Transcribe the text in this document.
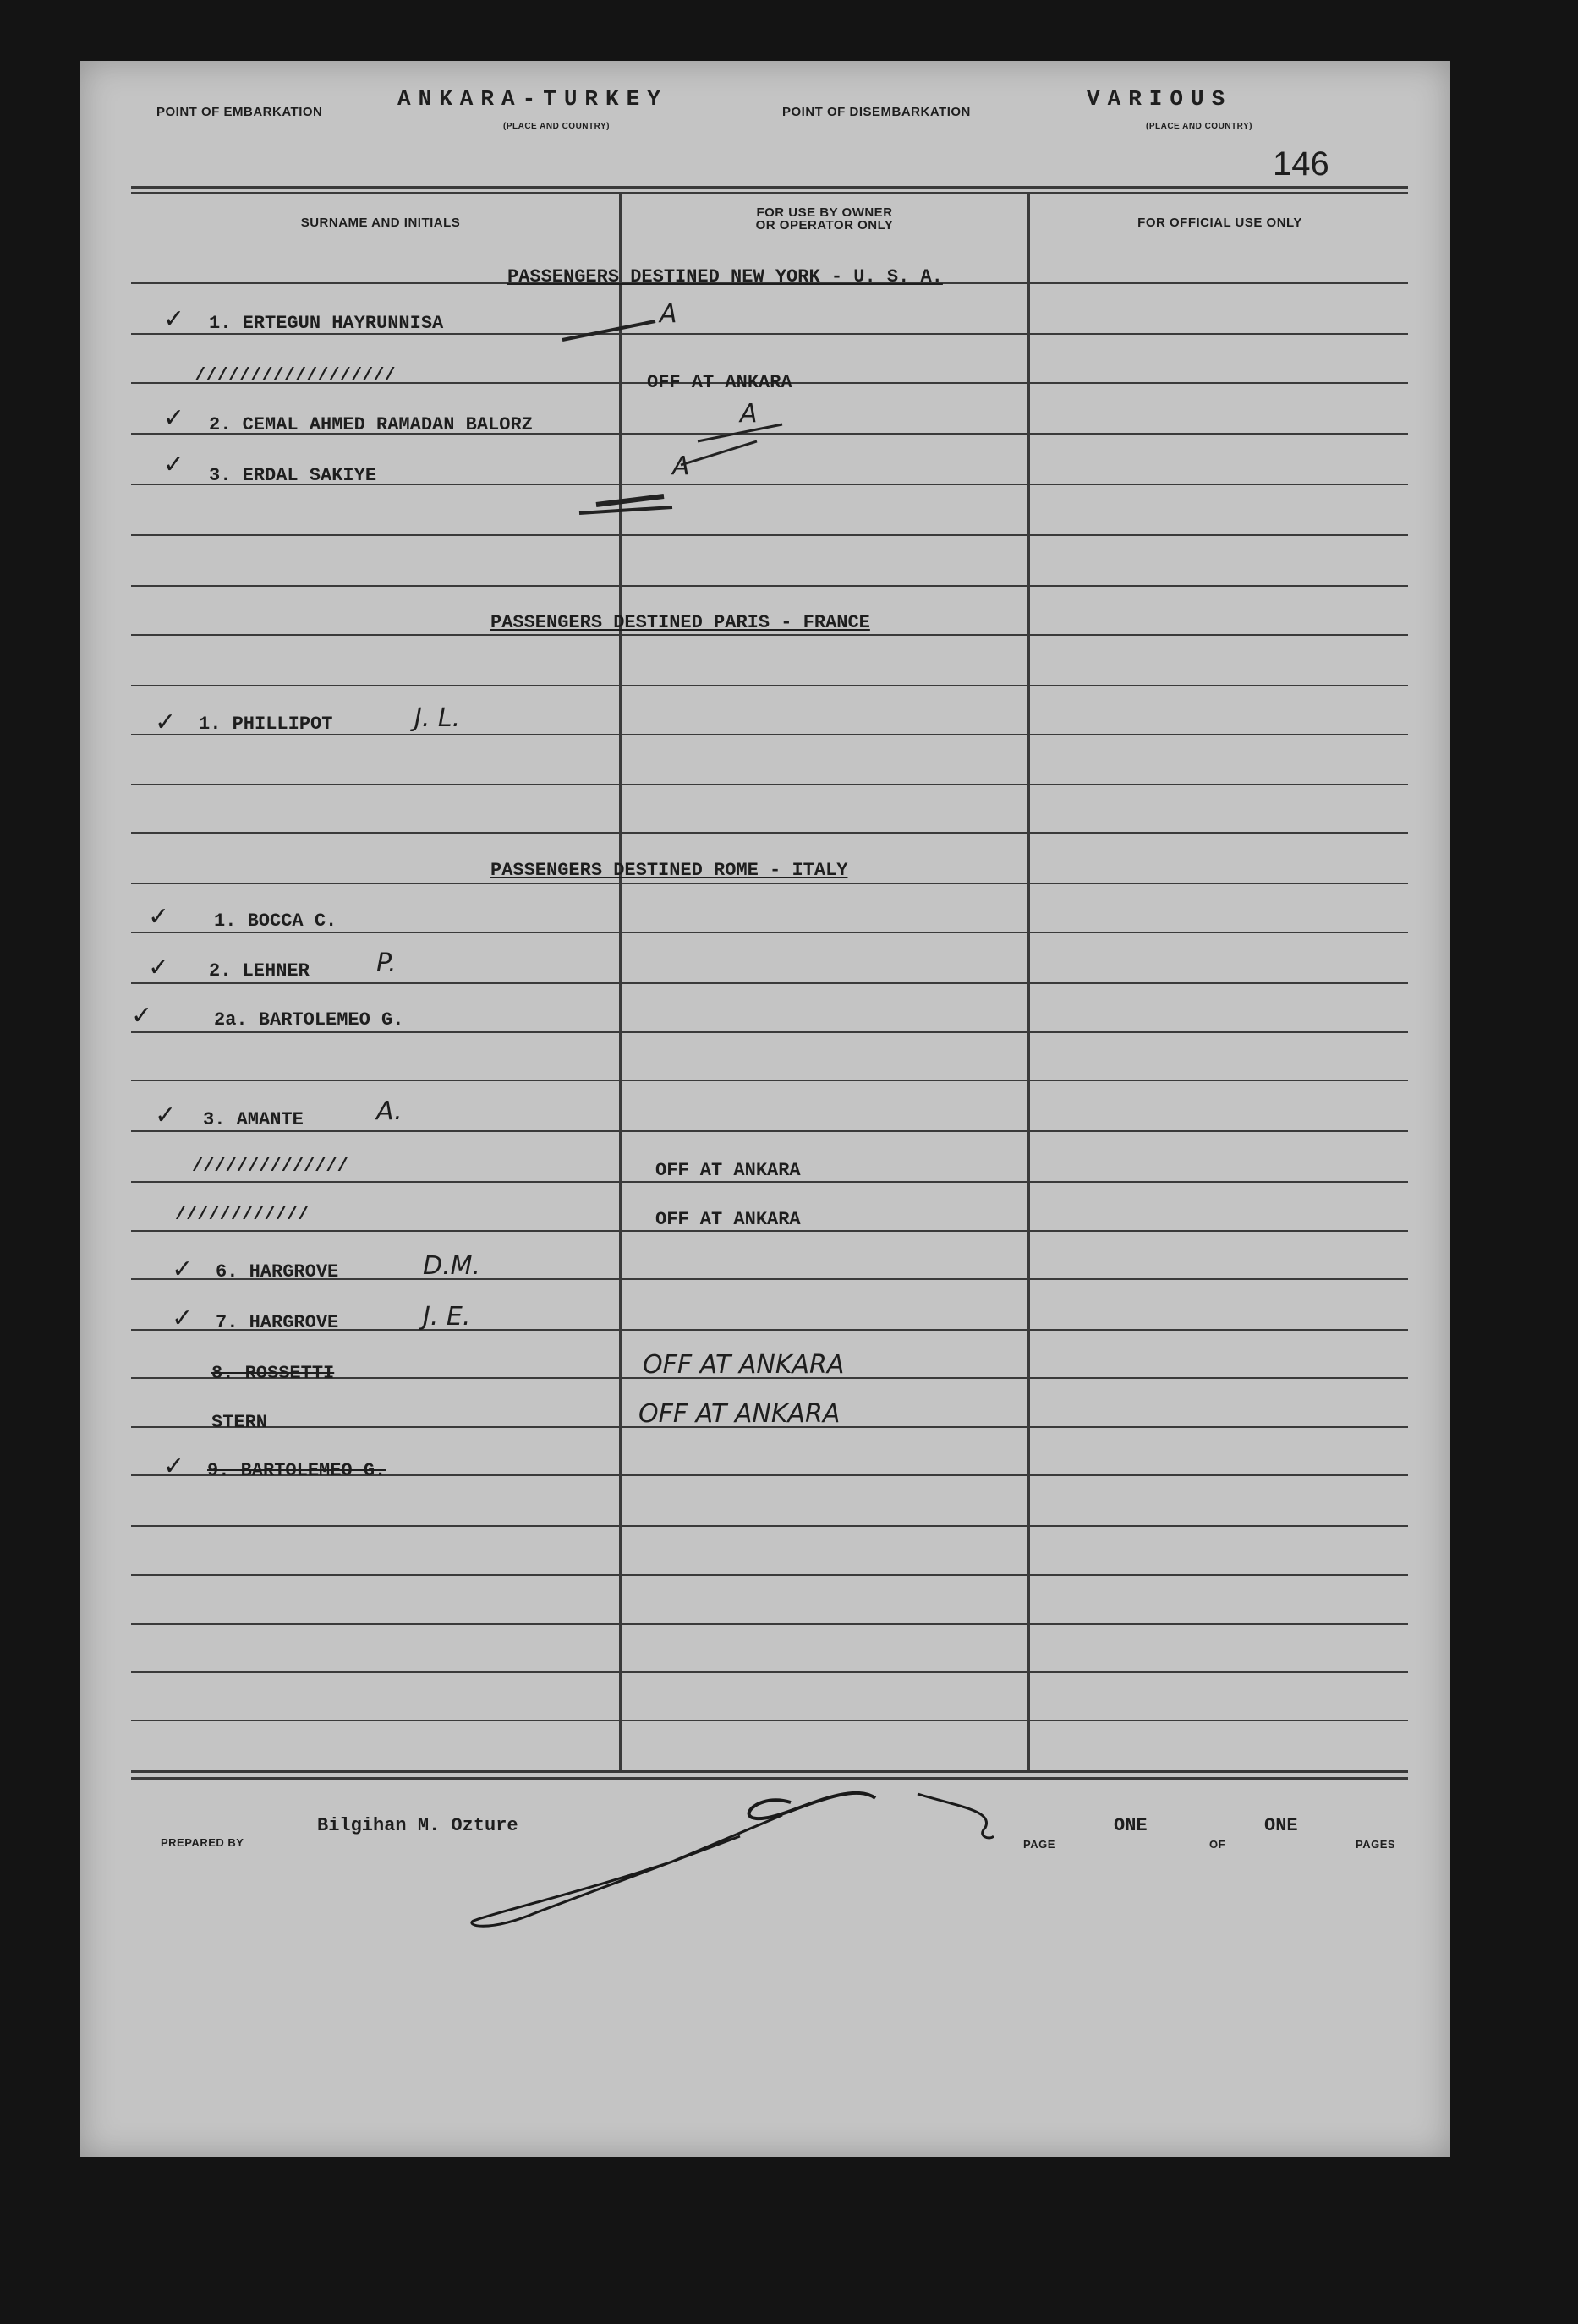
POINT OF EMBARKATION
ANKARA-TURKEY
(PLACE AND COUNTRY)
POINT OF DISEMBARKATION
VARIOUS
(PLACE AND COUNTRY)
146
SURNAME AND INITIALS
FOR USE BY OWNER
OR OPERATOR ONLY	FOR OFFICIAL USE ONLY
PASSENGERS DESTINED NEW YORK - U. S. A.
✓ 1. ERTEGUN HAYRUNNISA	A
//////////////////	OFF AT ANKARA
✓ 2. CEMAL AHMED RAMADAN BALORZ	A
✓ 3. ERDAL SAKIYE	A
PASSENGERS DESTINED PARIS - FRANCE
✓ 1. PHILLIPOT	J. L.
PASSENGERS DESTINED ROME - ITALY
✓ 1. BOCCA C.
✓ 2. LEHNER	P.
✓	2a. BARTOLEMEO G.
✓ 3. AMANTE	A.
//////////////	OFF AT ANKARA
////////////	OFF AT ANKARA
✓ 6. HARGROVE	D.M.
✓ 7. HARGROVE	J. E.
8. ROSSETTI	OFF AT ANKARA
STERN	OFF AT ANKARA
✓ 9. BARTOLEMEO G.
Bilgihan M. Ozture
PREPARED BY	PAGE
ONE
OF
ONE
PAGES
